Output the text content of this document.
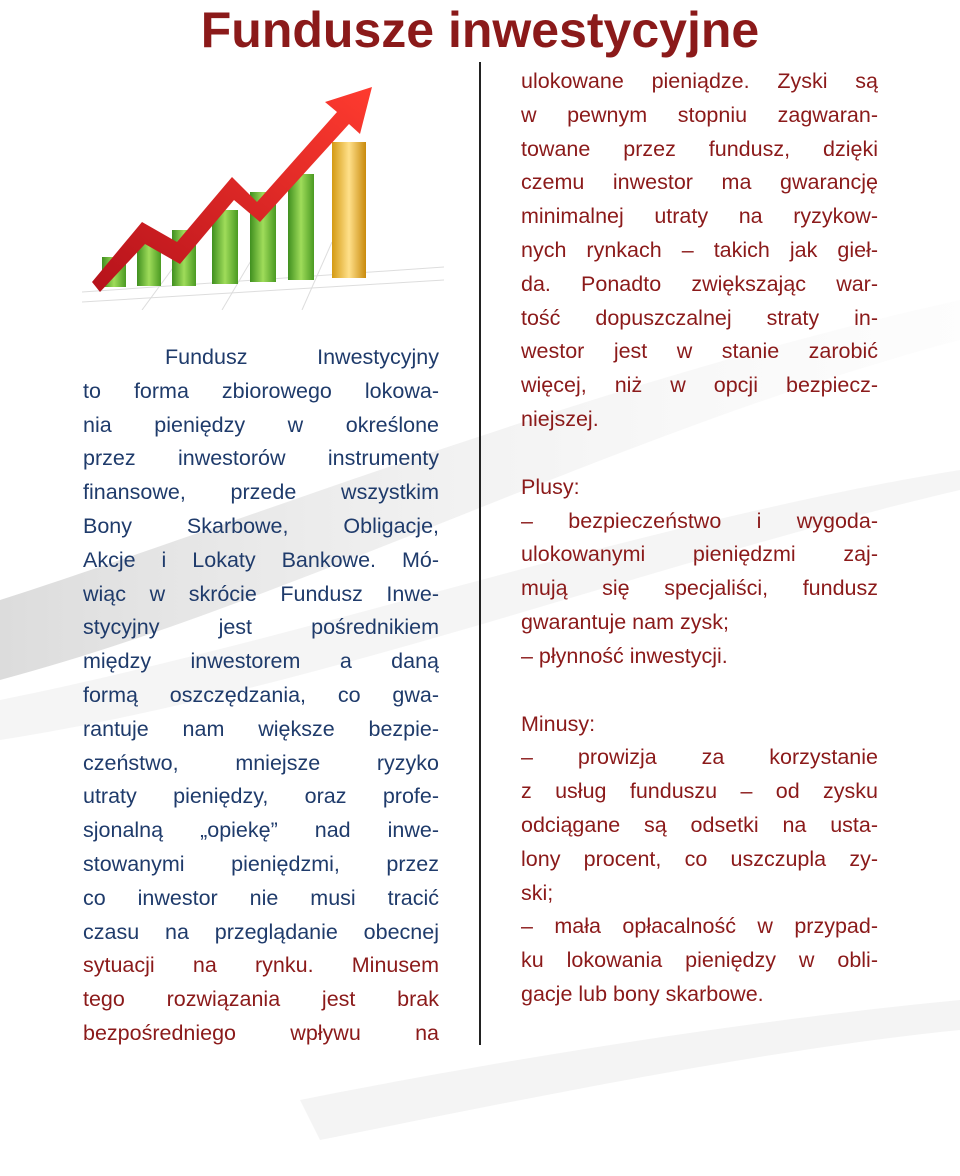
Fundusze inwestycyjne
Fundusz Inwestycyjny
to forma zbiorowego lokowa-
nia pieniędzy w określone
przez inwestorów instrumenty
finansowe, przede wszystkim
Bony Skarbowe, Obligacje,
Akcje i Lokaty Bankowe. Mó-
wiąc w skrócie Fundusz Inwe-
stycyjny jest pośrednikiem
między inwestorem a daną
formą oszczędzania, co gwa-
rantuje nam większe bezpie-
czeństwo, mniejsze ryzyko
utraty pieniędzy, oraz profe-
sjonalną „opiekę” nad inwe-
stowanymi pieniędzmi, przez
co inwestor nie musi tracić
czasu na przeglądanie obecnej
sytuacji na rynku. Minusem
tego rozwiązania jest brak
bezpośredniego wpływu na
ulokowane pieniądze. Zyski są
w pewnym stopniu zagwaran-
towane przez fundusz, dzięki
czemu inwestor ma gwarancję
minimalnej utraty na ryzykow-
nych rynkach – takich jak gieł-
da. Ponadto zwiększając war-
tość dopuszczalnej straty in-
westor jest w stanie zarobić
więcej, niż w opcji bezpiecz-
niejszej.
Plusy:
– bezpieczeństwo i wygoda-
ulokowanymi pieniędzmi zaj-
mują się specjaliści, fundusz
gwarantuje nam zysk;
– płynność inwestycji.
Minusy:
– prowizja za korzystanie
z usług funduszu – od zysku
odciągane są odsetki na usta-
lony procent, co uszczupla zy-
ski;
– mała opłacalność w przypad-
ku lokowania pieniędzy w obli-
gacje lub bony skarbowe.
